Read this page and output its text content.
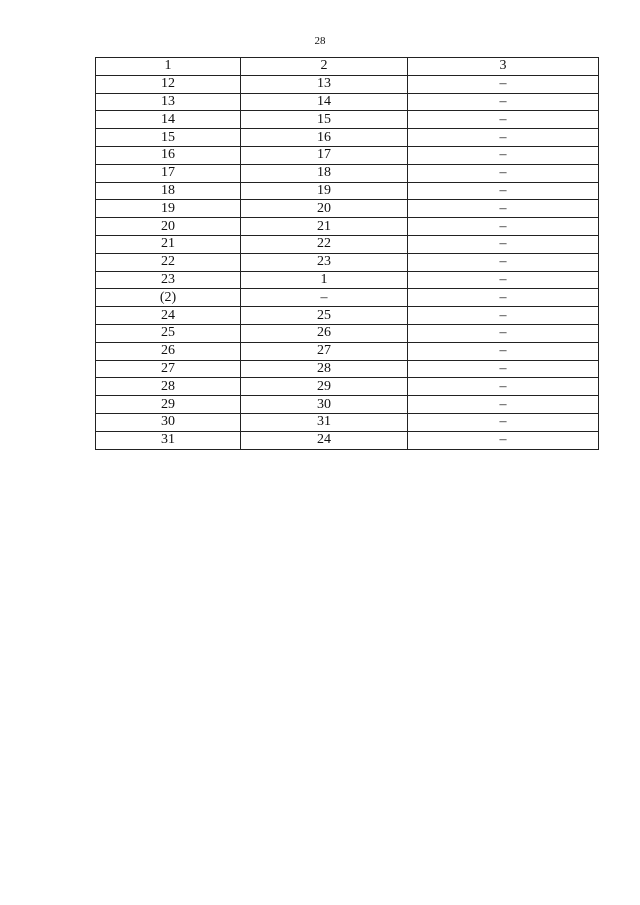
28
1	2	3
12	13	–
13	14	–
14	15	–
15	16	–
16	17	–
17	18	–
18	19	–
19	20	–
20	21	–
21	22	–
22	23	–
23	1	–
(2)	–	–
24	25	–
25	26	–
26	27	–
27	28	–
28	29	–
29	30	–
30	31	–
31	24	–
